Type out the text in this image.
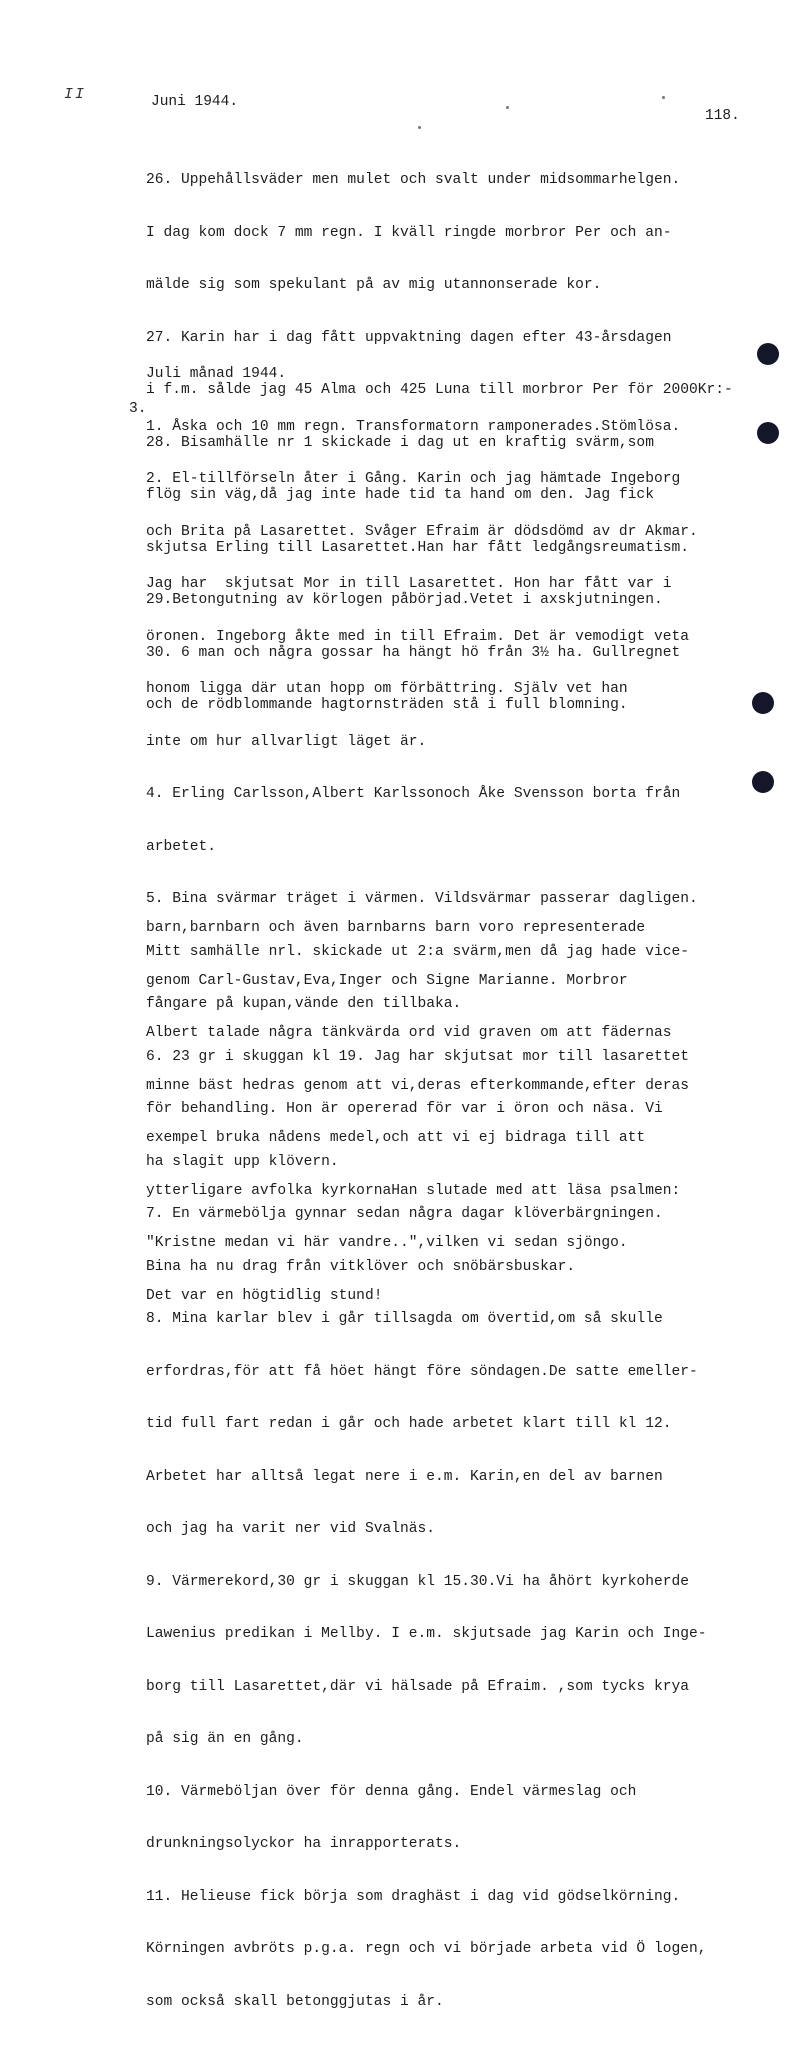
II	Juni 1944.
118.

26. Uppehållsväder men mulet och svalt under midsommarhelgen.

I dag kom dock 7 mm regn. I kväll ringde morbror Per och an-

mälde sig som spekulant på av mig utannonserade kor.

27. Karin har i dag fått uppvaktning dagen efter 43-årsdagen

i f.m. sålde jag 45 Alma och 425 Luna till morbror Per för 2000Kr:-

28. Bisamhälle nr 1 skickade i dag ut en kraftig svärm,som

flög sin väg,då jag inte hade tid ta hand om den. Jag fick

skjutsa Erling till Lasarettet.Han har fått ledgångsreumatism.

29.Betongutning av körlogen påbörjad.Vetet i axskjutningen.

30. 6 man och några gossar ha hängt hö från 3½ ha. Gullregnet

och de rödblommande hagtornsträden stå i full blomning.

3.

Juli månad 1944.

1. Åska och 10 mm regn. Transformatorn ramponerades.Stömlösa.

2. El-tillförseln åter i Gång. Karin och jag hämtade Ingeborg

och Brita på Lasarettet. Svåger Efraim är dödsdömd av dr Akmar.

Jag har  skjutsat Mor in till Lasarettet. Hon har fått var i

öronen. Ingeborg åkte med in till Efraim. Det är vemodigt veta

honom ligga där utan hopp om förbättring. Själv vet han

inte om hur allvarligt läget är.

4. Erling Carlsson,Albert Karlssonoch Åke Svensson borta från

arbetet.

5. Bina svärmar träget i värmen. Vildsvärmar passerar dagligen.

Mitt samhälle nrl. skickade ut 2:a svärm,men då jag hade vice-

fångare på kupan,vände den tillbaka.

6. 23 gr i skuggan kl 19. Jag har skjutsat mor till lasarettet

för behandling. Hon är opererad för var i öron och näsa. Vi

ha slagit upp klövern.

7. En värmebölja gynnar sedan några dagar klöverbärgningen.

Bina ha nu drag från vitklöver och snöbärsbuskar.

8. Mina karlar blev i går tillsagda om övertid,om så skulle

erfordras,för att få höet hängt före söndagen.De satte emeller-

tid full fart redan i går och hade arbetet klart till kl 12.

Arbetet har alltså legat nere i e.m. Karin,en del av barnen

och jag ha varit ner vid Svalnäs.

9. Värmerekord,30 gr i skuggan kl 15.30.Vi ha åhört kyrkoherde

Lawenius predikan i Mellby. I e.m. skjutsade jag Karin och Inge-

borg till Lasarettet,där vi hälsade på Efraim. ,som tycks krya

på sig än en gång.

10. Värmeböljan över för denna gång. Endel värmeslag och

drunkningsolyckor ha inrapporterats.

11. Helieuse fick börja som draghäst i dag vid gödselkörning.

Körningen avbröts p.g.a. regn och vi började arbeta vid Ö logen,

som också skall betonggjutas i år.

barn,barnbarn och även barnbarns barn voro representerade

genom Carl-Gustav,Eva,Inger och Signe Marianne. Morbror

Albert talade några tänkvärda ord vid graven om att fädernas

minne bäst hedras genom att vi,deras efterkommande,efter deras

exempel bruka nådens medel,och att vi ej bidraga till att

ytterligare avfolka kyrkornaHan slutade med att läsa psalmen:

"Kristne medan vi här vandre..",vilken vi sedan sjöngo.

Det var en högtidlig stund!
